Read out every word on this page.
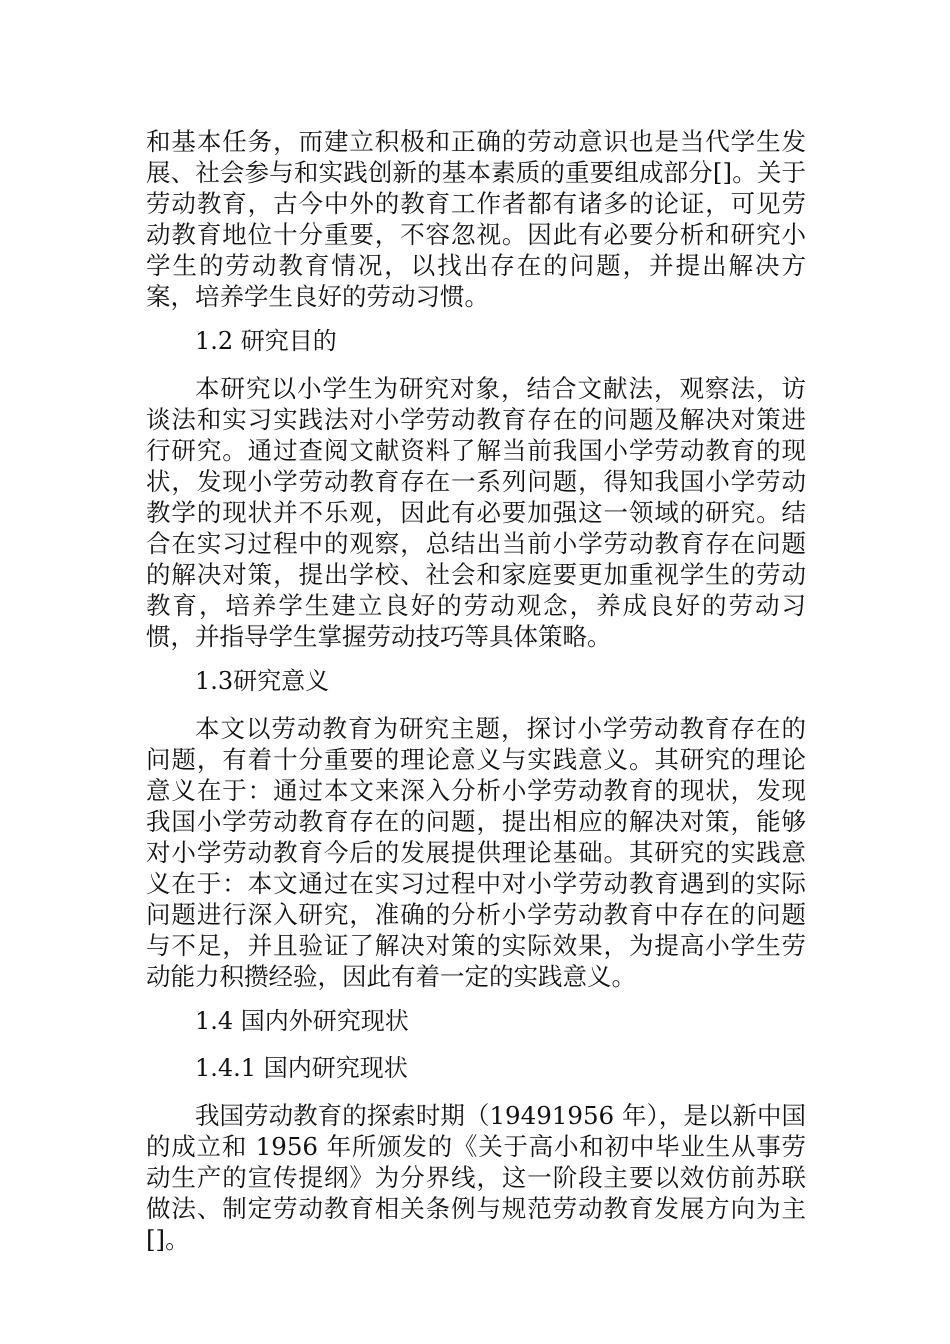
和基本任务，而建立积极和正确的劳动意识也是当代学生发展、社会参与和实践创新的基本素质的重要组成部分[]。关于劳动教育，古今中外的教育工作者都有诸多的论证，可见劳动教育地位十分重要，不容忽视。因此有必要分析和研究小学生的劳动教育情况，以找出存在的问题，并提出解决方案，培养学生良好的劳动习惯。

1.2 研究目的

本研究以小学生为研究对象，结合文献法，观察法，访谈法和实习实践法对小学劳动教育存在的问题及解决对策进行研究。通过查阅文献资料了解当前我国小学劳动教育的现状，发现小学劳动教育存在一系列问题，得知我国小学劳动教学的现状并不乐观，因此有必要加强这一领域的研究。结合在实习过程中的观察，总结出当前小学劳动教育存在问题的解决对策，提出学校、社会和家庭要更加重视学生的劳动教育，培养学生建立良好的劳动观念，养成良好的劳动习惯，并指导学生掌握劳动技巧等具体策略。

1.3研究意义

本文以劳动教育为研究主题，探讨小学劳动教育存在的问题，有着十分重要的理论意义与实践意义。其研究的理论意义在于：通过本文来深入分析小学劳动教育的现状，发现我国小学劳动教育存在的问题，提出相应的解决对策，能够对小学劳动教育今后的发展提供理论基础。其研究的实践意义在于：本文通过在实习过程中对小学劳动教育遇到的实际问题进行深入研究，准确的分析小学劳动教育中存在的问题与不足，并且验证了解决对策的实际效果，为提高小学生劳动能力积攒经验，因此有着一定的实践意义。

1.4 国内外研究现状

1.4.1 国内研究现状

我国劳动教育的探索时期（19491956 年），是以新中国的成立和 1956 年所颁发的《关于高小和初中毕业生从事劳动生产的宣传提纲》为分界线，这一阶段主要以效仿前苏联做法、制定劳动教育相关条例与规范劳动教育发展方向为主[]。
